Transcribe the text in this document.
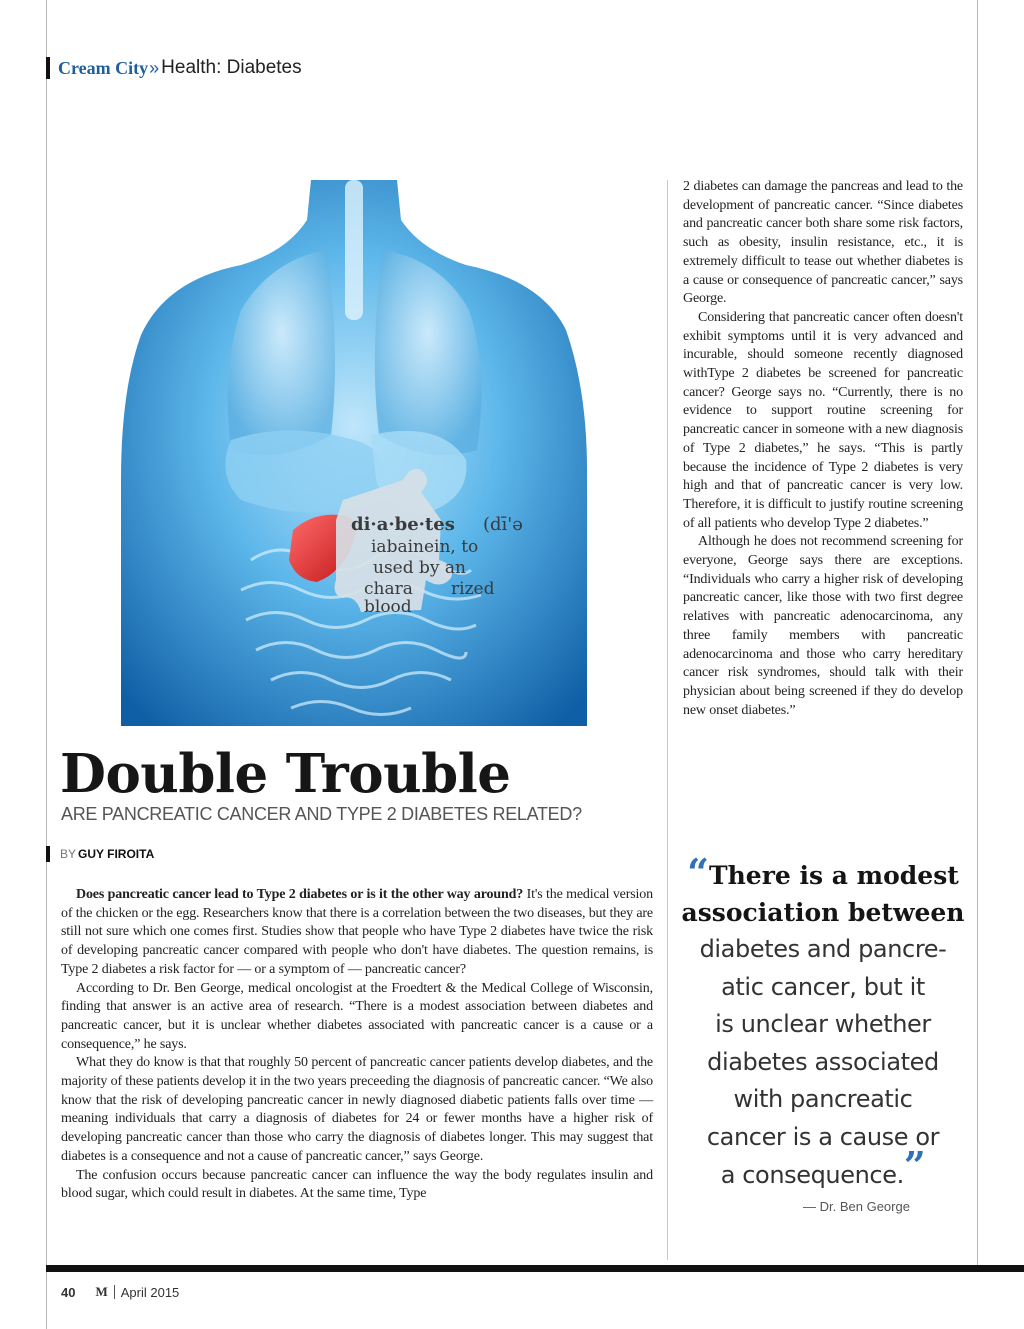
Cream City » Health: Diabetes
di·a·be·tes (dī'ə
iabainein, to
used by an
chara rized
blood
Double Trouble
ARE PANCREATIC CANCER AND TYPE 2 DIABETES RELATED?
BY GUY FIROITA

Does pancreatic cancer lead to Type 2 diabetes or is it the other way around? It's the medical version of the chicken or the egg. Researchers know that there is a correlation between the two diseases, but they are still not sure which one comes first. Studies show that people who have Type 2 diabetes have twice the risk of developing pancreatic cancer compared with people who don't have diabetes. The question remains, is Type 2 diabetes a risk factor for — or a symptom of — pancreatic cancer?

According to Dr. Ben George, medical oncologist at the Froedtert & the Medical College of Wisconsin, finding that answer is an active area of research. “There is a modest association between diabetes and pancreatic cancer, but it is unclear whether diabetes associated with pancreatic cancer is a cause or a consequence,” he says.

What they do know is that that roughly 50 percent of pancreatic cancer patients develop diabetes, and the majority of these patients develop it in the two years preceeding the diagnosis of pancreatic cancer. “We also know that the risk of developing pancreatic cancer in newly diagnosed diabetic patients falls over time — meaning individuals that carry a diagnosis of diabetes for 24 or fewer months have a higher risk of developing pancreatic cancer than those who carry the diagnosis of diabetes longer. This may suggest that diabetes is a consequence and not a cause of pancreatic cancer,” says George.

The confusion occurs because pancreatic cancer can influence the way the body regulates insulin and blood sugar, which could result in diabetes. At the same time, Type

2 diabetes can damage the pancreas and lead to the development of pancreatic cancer. “Since diabetes and pancreatic cancer both share some risk factors, such as obesity, insulin resistance, etc., it is extremely difficult to tease out whether diabetes is a cause or consequence of pancreatic cancer,” says George.

Considering that pancreatic cancer often doesn't exhibit symptoms until it is very advanced and incurable, should someone recently diagnosed withType 2 diabetes be screened for pancreatic cancer? George says no. “Currently, there is no evidence to support routine screening for pancreatic cancer in someone with a new diagnosis of Type 2 diabetes,” he says. “This is partly because the incidence of Type 2 diabetes is very high and that of pancreatic cancer is very low. Therefore, it is difficult to justify routine screening of all patients who develop Type 2 diabetes.”

Although he does not recommend screening for everyone, George says there are exceptions. “Individuals who carry a higher risk of developing pancreatic cancer, like those with two first degree relatives with pancreatic adenocarcinoma, any three family members with pancreatic adenocarcinoma and those who carry hereditary cancer risk syndromes, should talk with their physician about being screened if they do develop new onset diabetes.”

“There is a modest
association between
diabetes and pancre-
atic cancer, but it
is unclear whether
diabetes associated
with pancreatic
cancer is a cause or
a consequence.”
— Dr. Ben George
40 M April 2015
